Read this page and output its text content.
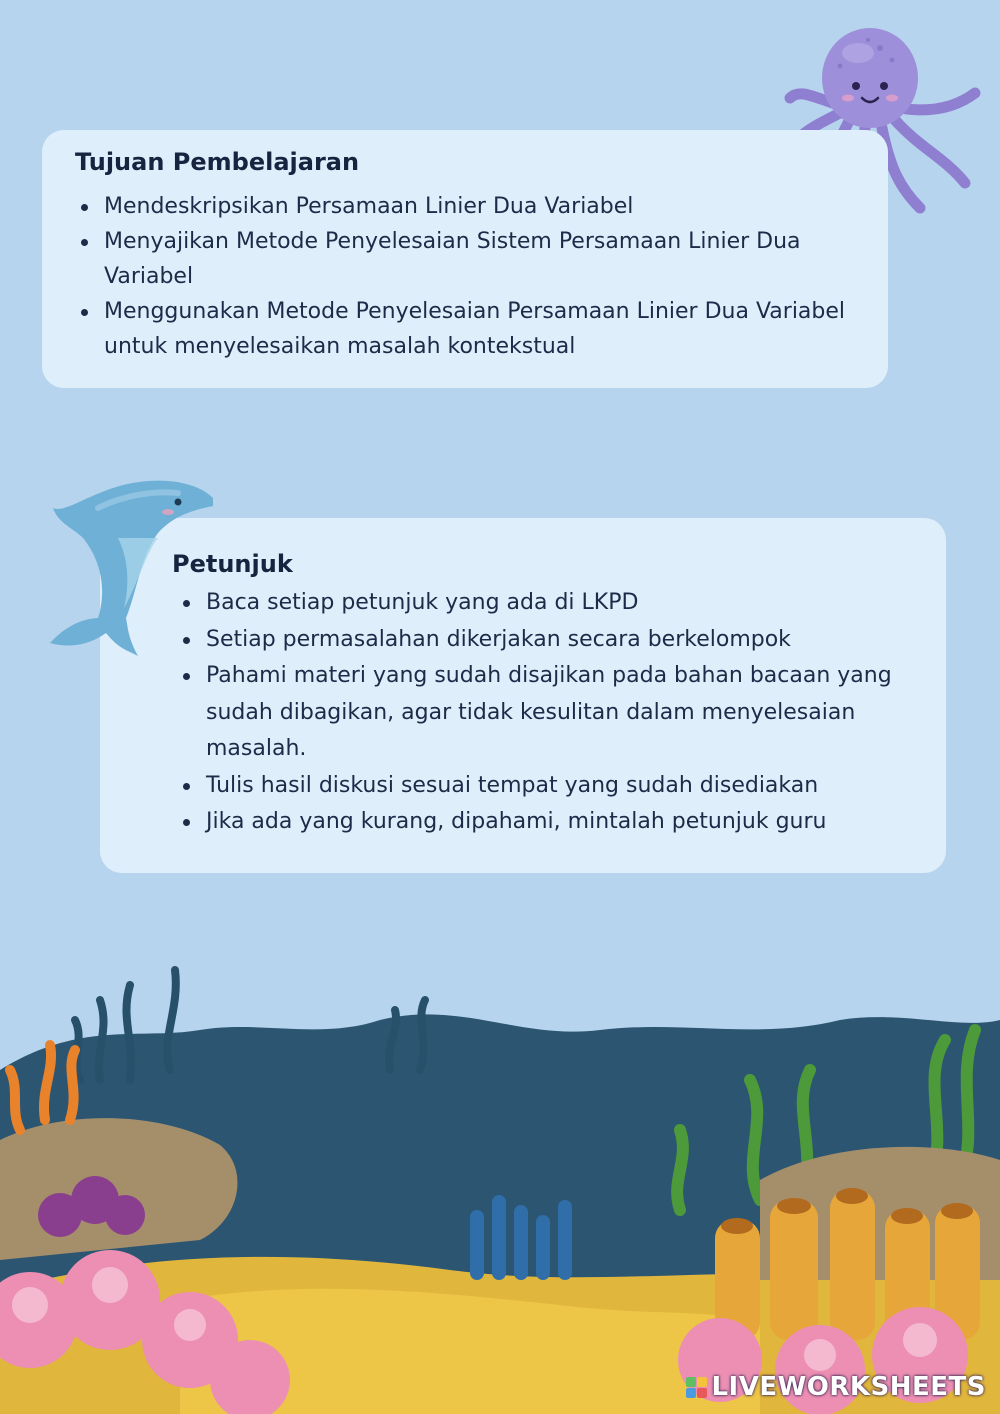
Tujuan Pembelajaran
Mendeskripsikan Persamaan Linier Dua Variabel
Menyajikan Metode Penyelesaian Sistem Persamaan Linier Dua Variabel
Menggunakan Metode Penyelesaian Persamaan Linier Dua Variabel untuk menyelesaikan masalah kontekstual
Petunjuk
Baca setiap petunjuk yang ada di LKPD
Setiap permasalahan dikerjakan secara berkelompok
Pahami materi yang sudah disajikan pada bahan bacaan yang sudah dibagikan, agar tidak kesulitan dalam menyelesaian masalah.
Tulis hasil diskusi sesuai tempat yang sudah disediakan
Jika ada yang kurang, dipahami, mintalah petunjuk guru
LIVEWORKSHEETS
